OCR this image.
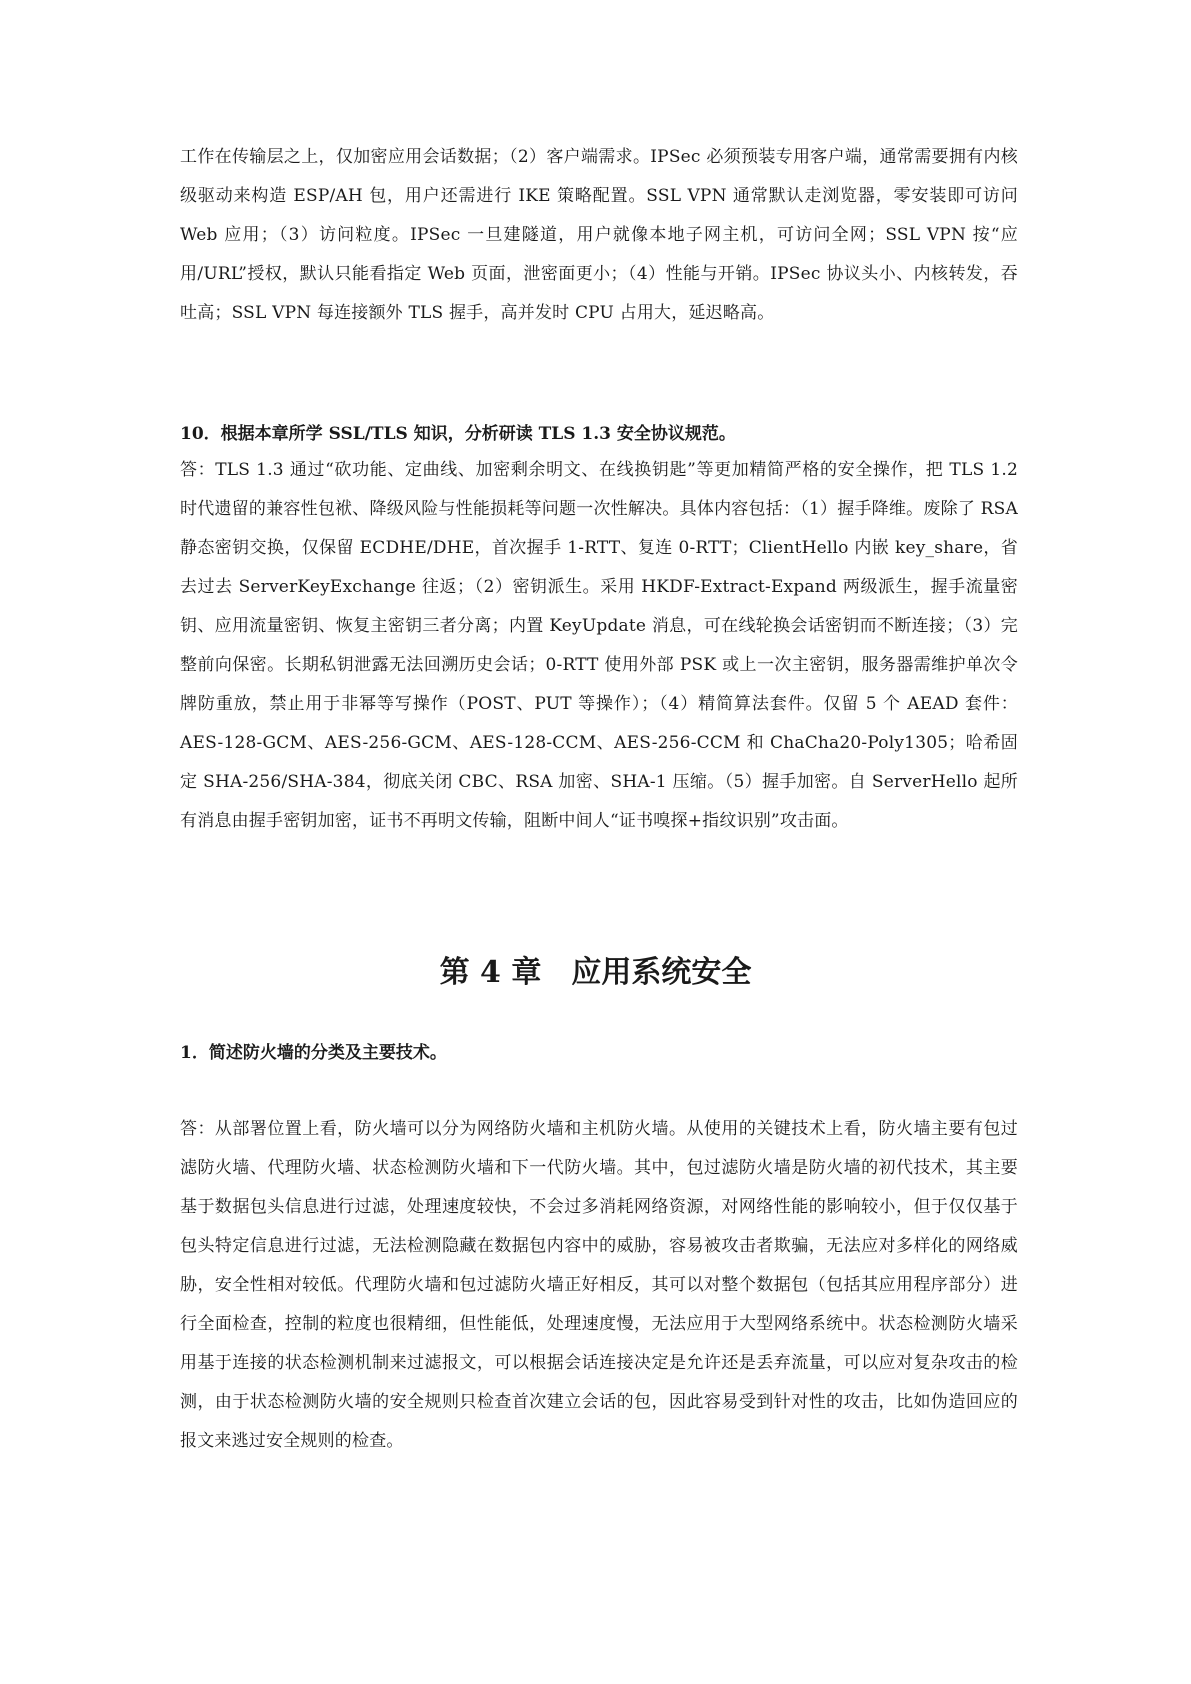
工作在传输层之上，仅加密应用会话数据；（2）客户端需求。IPSec 必须预装专用客户端，通常需要拥有内核级驱动来构造 ESP/AH 包，用户还需进行 IKE 策略配置。SSL VPN 通常默认走浏览器，零安装即可访问 Web 应用；（3）访问粒度。IPSec 一旦建隧道，用户就像本地子网主机，可访问全网；SSL VPN 按“应用/URL”授权，默认只能看指定 Web 页面，泄密面更小；（4）性能与开销。IPSec 协议头小、内核转发，吞吐高；SSL VPN 每连接额外 TLS 握手，高并发时 CPU 占用大，延迟略高。

10．根据本章所学 SSL/TLS 知识，分析研读 TLS 1.3 安全协议规范。

答：TLS 1.3 通过“砍功能、定曲线、加密剩余明文、在线换钥匙”等更加精简严格的安全操作，把 TLS 1.2 时代遗留的兼容性包袱、降级风险与性能损耗等问题一次性解决。具体内容包括：（1）握手降维。废除了 RSA 静态密钥交换，仅保留 ECDHE/DHE，首次握手 1-RTT、复连 0-RTT；ClientHello 内嵌 key_share，省去过去 ServerKeyExchange 往返；（2）密钥派生。采用 HKDF-Extract-Expand 两级派生，握手流量密钥、应用流量密钥、恢复主密钥三者分离；内置 KeyUpdate 消息，可在线轮换会话密钥而不断连接；（3）完整前向保密。长期私钥泄露无法回溯历史会话；0-RTT 使用外部 PSK 或上一次主密钥，服务器需维护单次令牌防重放，禁止用于非幂等写操作（POST、PUT 等操作）；（4）精简算法套件。仅留 5 个 AEAD 套件：AES-128-GCM、AES-256-GCM、AES-128-CCM、AES-256-CCM 和 ChaCha20-Poly1305；哈希固定 SHA-256/SHA-384，彻底关闭 CBC、RSA 加密、SHA-1 压缩。（5）握手加密。自 ServerHello 起所有消息由握手密钥加密，证书不再明文传输，阻断中间人“证书嗅探+指纹识别”攻击面。

第 4 章　应用系统安全

1．简述防火墙的分类及主要技术。

答：从部署位置上看，防火墙可以分为网络防火墙和主机防火墙。从使用的关键技术上看，防火墙主要有包过滤防火墙、代理防火墙、状态检测防火墙和下一代防火墙。其中，包过滤防火墙是防火墙的初代技术，其主要基于数据包头信息进行过滤，处理速度较快，不会过多消耗网络资源，对网络性能的影响较小，但于仅仅基于包头特定信息进行过滤，无法检测隐藏在数据包内容中的威胁，容易被攻击者欺骗，无法应对多样化的网络威胁，安全性相对较低。代理防火墙和包过滤防火墙正好相反，其可以对整个数据包（包括其应用程序部分）进行全面检查，控制的粒度也很精细，但性能低，处理速度慢，无法应用于大型网络系统中。状态检测防火墙采用基于连接的状态检测机制来过滤报文，可以根据会话连接决定是允许还是丢弃流量，可以应对复杂攻击的检测，由于状态检测防火墙的安全规则只检查首次建立会话的包，因此容易受到针对性的攻击，比如伪造回应的报文来逃过安全规则的检查。
